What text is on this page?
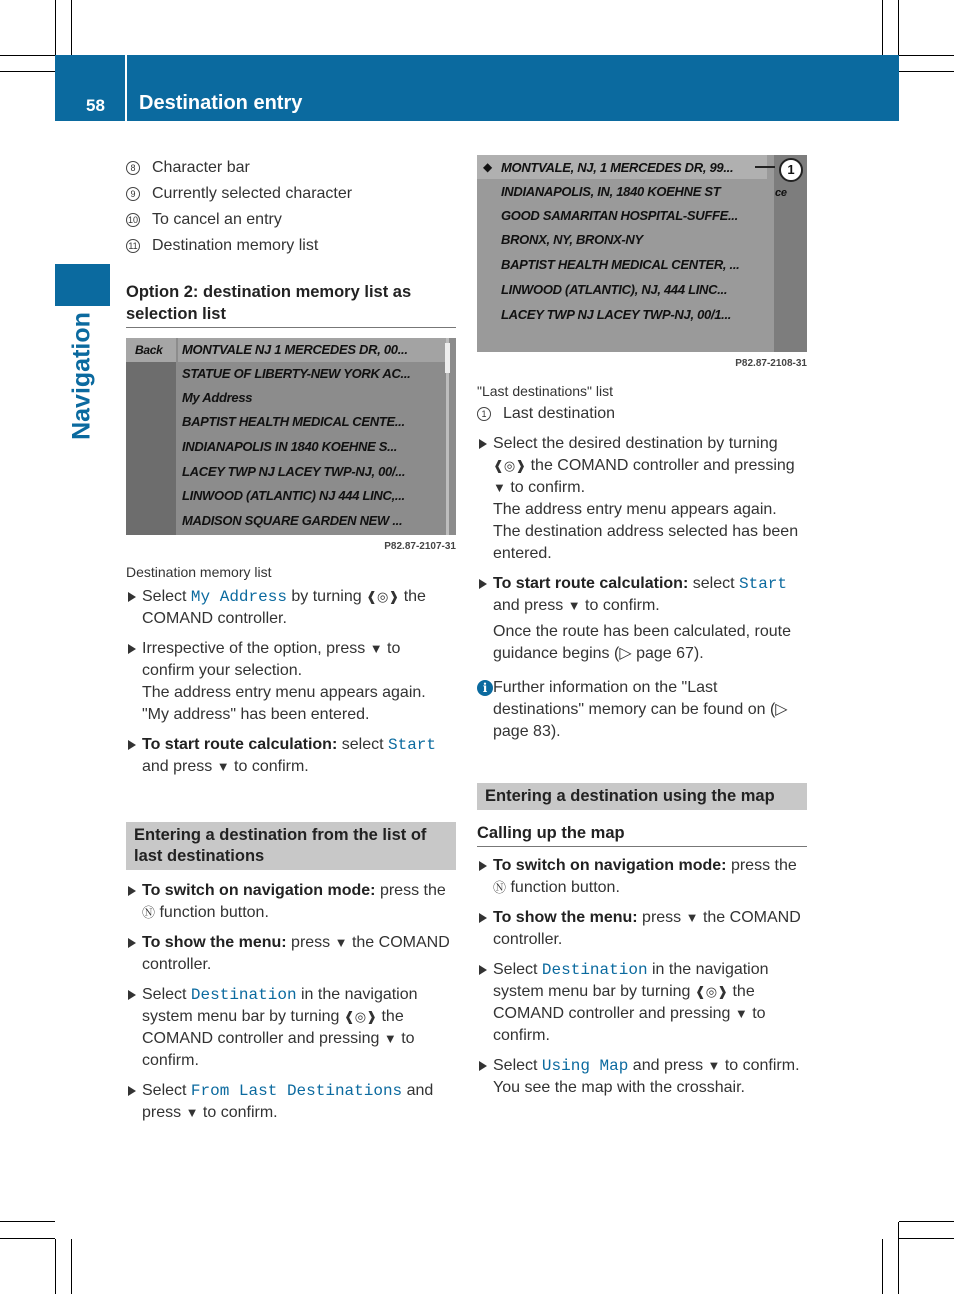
58 Destination entry
Navigation
8 Character bar
9 Currently selected character
10 To cancel an entry
11 Destination memory list
Option 2: destination memory list as selection list
Back MONTVALE NJ 1 MERCEDES DR, 00...
STATUE OF LIBERTY-NEW YORK AC...
My Address
BAPTIST HEALTH MEDICAL CENTE...
INDIANAPOLIS IN 1840 KOEHNE S...
LACEY TWP NJ LACEY TWP-NJ, 00/...
LINWOOD (ATLANTIC) NJ 444 LINC,...
MADISON SQUARE GARDEN NEW ...
P82.87-2107-31
Destination memory list
Select My Address by turning ❰◎❱ the COMAND controller.
Irrespective of the option, press ▼ to confirm your selection.
The address entry menu appears again. "My address" has been entered.
To start route calculation: select Start and press ▼ to confirm.
Entering a destination from the list of last destinations
To switch on navigation mode: press the Ⓝ function button.
To show the menu: press ▼ the COMAND controller.
Select Destination in the navigation system menu bar by turning ❰◎❱ the COMAND controller and pressing ▼ to confirm.
Select From Last Destinations and press ▼ to confirm.
◆ MONTVALE, NJ, 1 MERCEDES DR, 99...
INDIANAPOLIS, IN, 1840 KOEHNE ST
GOOD SAMARITAN HOSPITAL-SUFFE...
BRONX, NY, BRONX-NY
BAPTIST HEALTH MEDICAL CENTER, ...
LINWOOD (ATLANTIC), NJ, 444 LINC...
LACEY TWP NJ LACEY TWP-NJ, 00/1...
ce
1
P82.87-2108-31
"Last destinations" list
1 Last destination
Select the desired destination by turning ❰◎❱ the COMAND controller and pressing ▼ to confirm.
The address entry menu appears again. The destination address selected has been entered.
To start route calculation: select Start and press ▼ to confirm.
Once the route has been calculated, route guidance begins (▷ page 67).
i Further information on the "Last destinations" memory can be found on (▷ page 83).
Entering a destination using the map
Calling up the map
To switch on navigation mode: press the Ⓝ function button.
To show the menu: press ▼ the COMAND controller.
Select Destination in the navigation system menu bar by turning ❰◎❱ the COMAND controller and pressing ▼ to confirm.
Select Using Map and press ▼ to confirm.
You see the map with the crosshair.
